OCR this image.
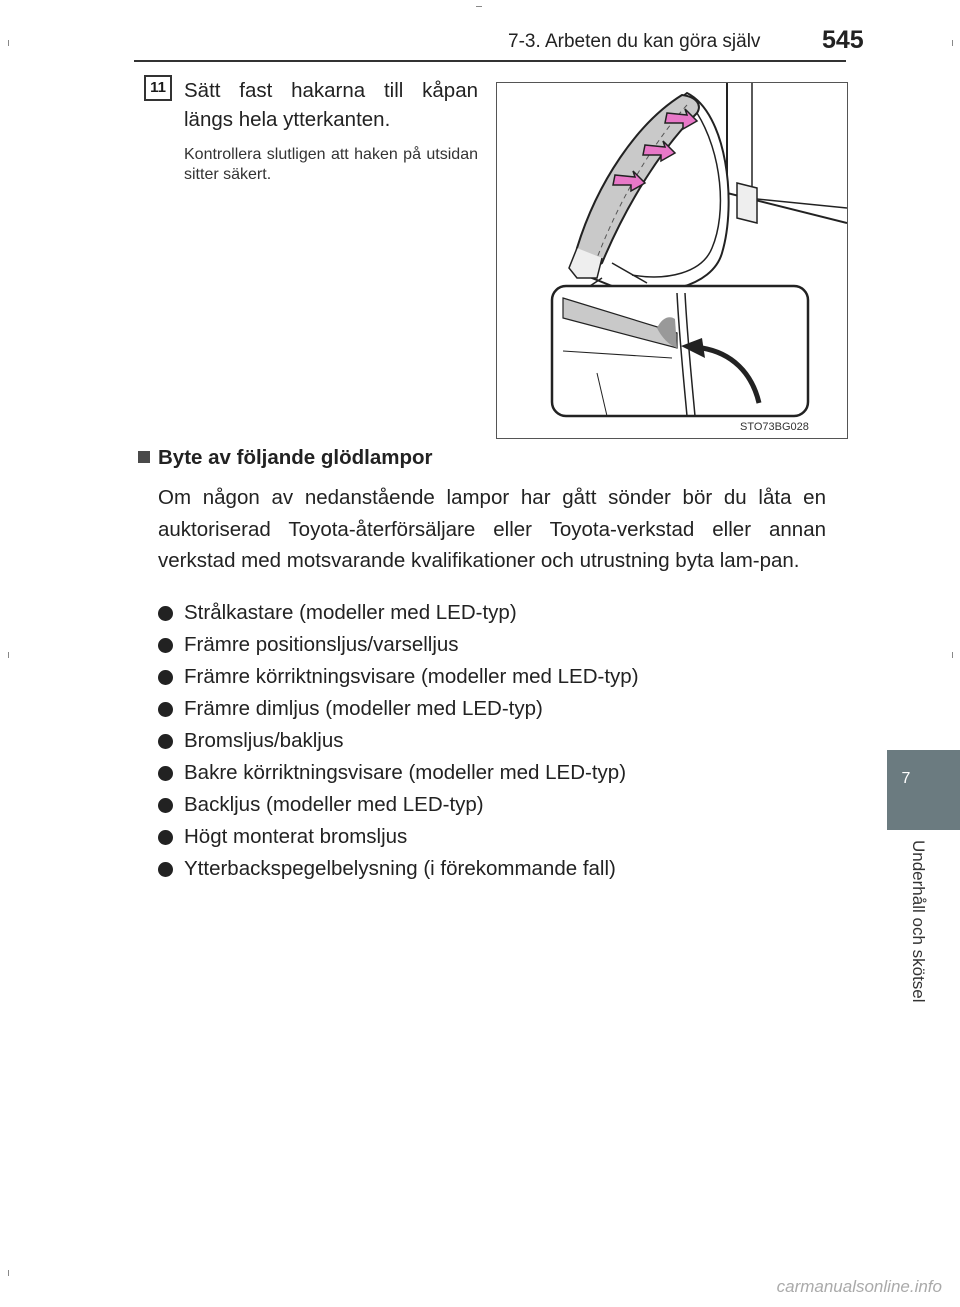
7-3. Arbeten du kan göra själv 545
7
Underhåll och skötsel
11 Sätt fast hakarna till kåpan längs hela ytterkanten.
Kontrollera slutligen att haken på utsidan sitter säkert.
STO73BG028
Byte av följande glödlampor
Om någon av nedanstående lampor har gått sönder bör du låta en auktoriserad Toyota-återförsäljare eller Toyota-verkstad eller annan verkstad med motsvarande kvalifikationer och utrustning byta lam-pan.
Strålkastare (modeller med LED-typ)
Främre positionsljus/varselljus
Främre körriktningsvisare (modeller med LED-typ)
Främre dimljus (modeller med LED-typ)
Bromsljus/bakljus
Bakre körriktningsvisare (modeller med LED-typ)
Backljus (modeller med LED-typ)
Högt monterat bromsljus
Ytterbackspegelbelysning (i förekommande fall)
carmanualsonline.info
